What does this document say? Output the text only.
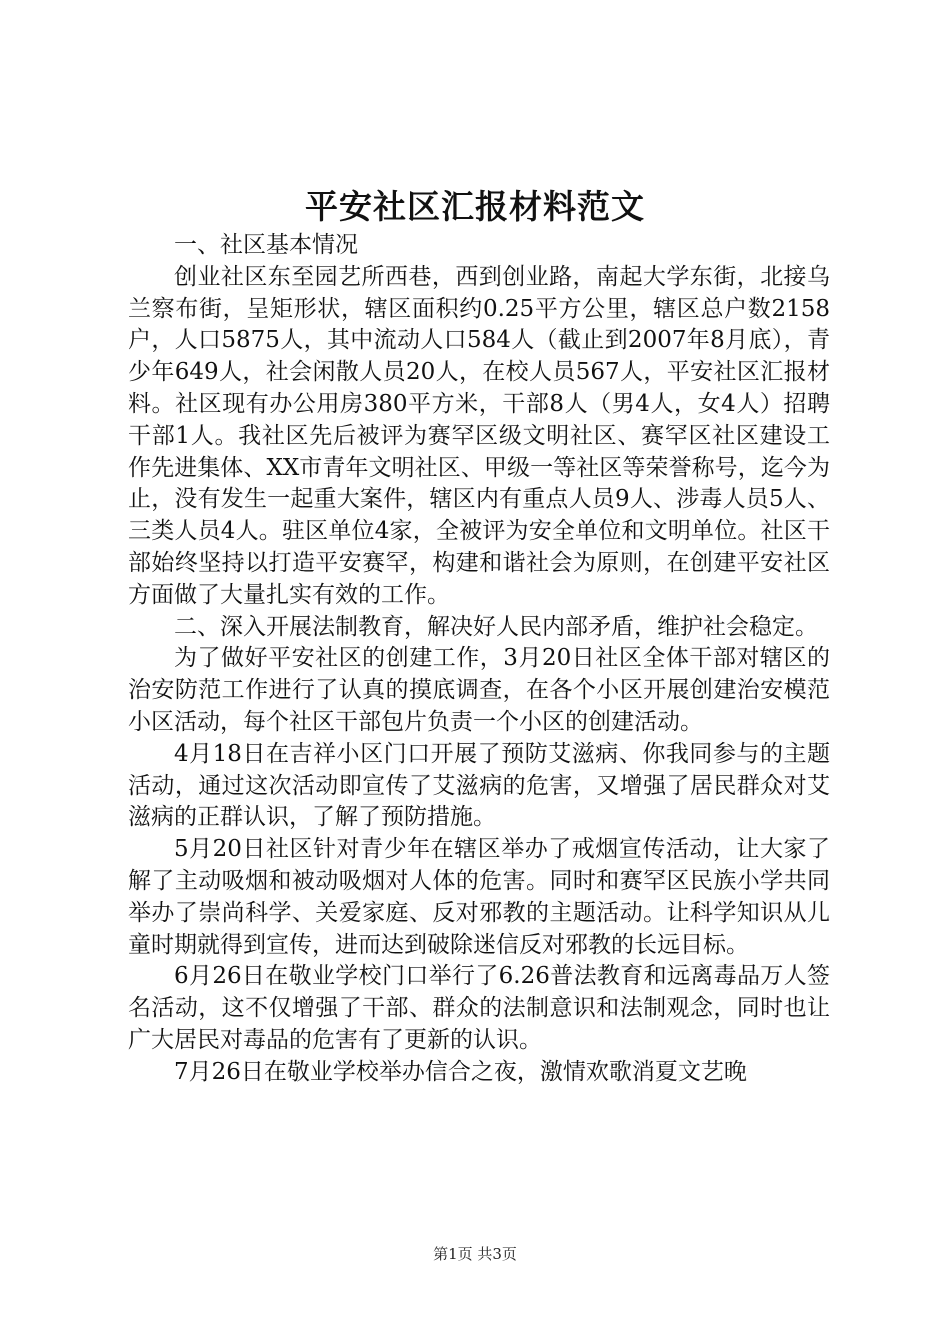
平安社区汇报材料范文

一、社区基本情况

创业社区东至园艺所西巷，西到创业路，南起大学东街，北接乌兰察布街，呈矩形状，辖区面积约0.25平方公里，辖区总户数2158户，人口5875人，其中流动人口584人（截止到2007年8月底），青少年649人，社会闲散人员20人，在校人员567人，平安社区汇报材料。社区现有办公用房380平方米，干部8人（男4人，女4人）招聘干部1人。我社区先后被评为赛罕区级文明社区、赛罕区社区建设工作先进集体、XX市青年文明社区、甲级一等社区等荣誉称号，迄今为止，没有发生一起重大案件，辖区内有重点人员9人、涉毒人员5人、三类人员4人。驻区单位4家，全被评为安全单位和文明单位。社区干部始终坚持以打造平安赛罕，构建和谐社会为原则，在创建平安社区方面做了大量扎实有效的工作。

二、深入开展法制教育，解决好人民内部矛盾，维护社会稳定。

为了做好平安社区的创建工作，3月20日社区全体干部对辖区的治安防范工作进行了认真的摸底调查，在各个小区开展创建治安模范小区活动，每个社区干部包片负责一个小区的创建活动。

4月18日在吉祥小区门口开展了预防艾滋病、你我同参与的主题活动，通过这次活动即宣传了艾滋病的危害，又增强了居民群众对艾滋病的正群认识，了解了预防措施。

5月20日社区针对青少年在辖区举办了戒烟宣传活动，让大家了解了主动吸烟和被动吸烟对人体的危害。同时和赛罕区民族小学共同举办了崇尚科学、关爱家庭、反对邪教的主题活动。让科学知识从儿童时期就得到宣传，进而达到破除迷信反对邪教的长远目标。

6月26日在敬业学校门口举行了6.26普法教育和远离毒品万人签名活动，这不仅增强了干部、群众的法制意识和法制观念，同时也让广大居民对毒品的危害有了更新的认识。

7月26日在敬业学校举办信合之夜，激情欢歌消夏文艺晚

第1页 共3页
